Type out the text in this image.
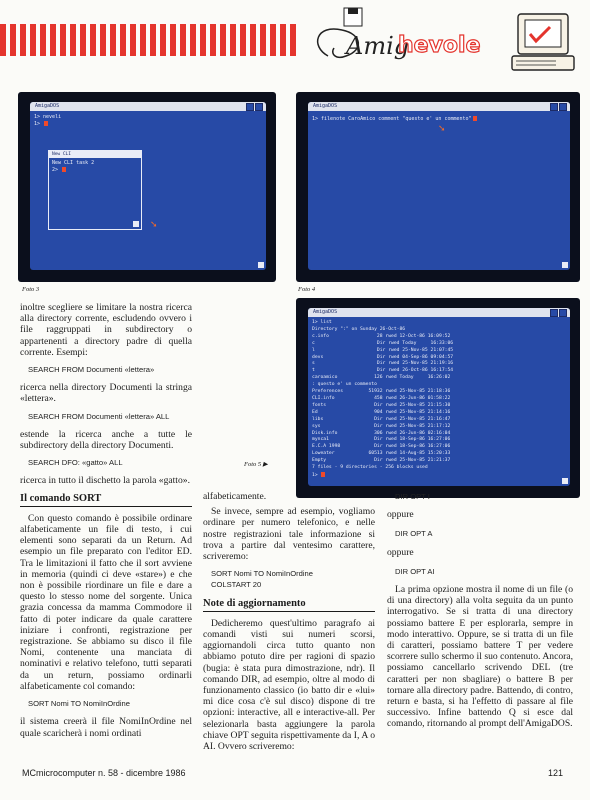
Amig
hevole
AmigaDOS
1> neveli
1>
New CLI
New CLI task 2
2>
➘
Foto 3
AmigaDOS
1> filenote CaroAmico comment "questo e' un commento"
➘
Foto 4
AmigaDOS
1> list
Directory ":" on Sunday 26-Oct-86
c.info                 28 rwed 12-Oct-86 16:09:52
c                      Dir rwed Today     16:33:06
l                      Dir rwed 25-Nov-85 21:07:45
devs                   Dir rwed 04-Sep-86 09:04:57
s                      Dir rwed 25-Nov-85 21:19:16
t                      Dir rwed 26-Oct-86 16:17:54
caroamico             126 rwed Today     16:26:02
: questo e' un commento
Preferences         51932 rwed 25-Nov-85 21:18:36
CLI.info              458 rwed 26-Jun-86 01:58:22
fonts                 Dir rwed 25-Nov-85 21:15:30
Ed                    904 rwed 25-Nov-85 21:14:16
libs                  Dir rwed 25-Nov-85 21:16:47
sys                   Dir rwed 25-Nov-85 21:17:12
Disk.info             306 rwed 26-Jun-86 02:16:04
mynca1                Dir rwed 18-Sep-86 16:27:06
E.C.A 1998            Dir rwed 18-Sep-86 16:27:06
Loweater            60513 rwed 14-Aug-85 15:20:33
Empty                 Dir rwed 25-Nov-85 21:21:37
7 files - 9 directories - 256 blocks used
1>
Foto 5 ▶

inoltre scegliere se limitare la nostra ricerca alla directory corrente, escludendo ovvero i file raggruppati in subdirectory o appartenenti a directory padre di quella corrente. Esempi:

SEARCH FROM Documenti «lettera»

ricerca nella directory Documenti la stringa «lettera».

SEARCH FROM Documenti «lettera» ALL

estende la ricerca anche a tutte le subdirectory della directory Documenti.

SEARCH DFO: «gatto» ALL

ricerca in tutto il dischetto la parola «gatto».

Il comando SORT

Con questo comando è possibile ordinare alfabeticamente un file di testo, i cui elementi sono separati da un Return. Ad esempio un file preparato con l'editor ED. Tra le limitazioni il fatto che il sort avviene in memoria (quindi ci deve «stare») e che non è possibile riordinare un file e dare a questo lo stesso nome del sorgente. Unica grazia concessa da mamma Commodore il fatto di poter indicare da quale carattere iniziare i confronti, registrazione per registrazione. Se abbiamo su disco il file Nomi, contenente una manciata di nominativi e relativo telefono, tutti separati da un return, possiamo ordinarli alfabeticamente col comando:

SORT Nomi TO NomiInOrdine

il sistema creerà il file NomiInOrdine nel quale scaricherà i nomi ordinati

alfabeticamente.

Se invece, sempre ad esempio, vogliamo ordinare per numero telefonico, e nelle nostre registrazioni tale informazione si trova a partire dal ventesimo carattere, scriveremo:

SORT Nomi TO NomiInOrdine
COLSTART 20
Note di aggiornamento

Dedicheremo quest'ultimo paragrafo ai comandi visti sui numeri scorsi, aggiornandoli circa tutto quanto non abbiamo potuto dire per ragioni di spazio (bugia: è stata pura dimostrazione, ndr). Il comando DIR, ad esempio, oltre al modo di funzionamento classico (io batto dir e «lui» mi dice cosa c'è sul disco) dispone di tre opzioni: interactive, all e interactive-all. Per selezionarla basta aggiungere la parola chiave OPT seguita rispettivamente da I, A o AI. Ovvero scriveremo:

DIR OPT I
oppure
DIR OPT A
oppure
DIR OPT AI

La prima opzione mostra il nome di un file (o di una directory) alla volta seguita da un punto interrogativo. Se si tratta di una directory possiamo battere E per esplorarla, sempre in modo interattivo. Oppure, se si tratta di un file di caratteri, possiamo battere T per vedere scorrere sullo schermo il suo contenuto. Ancora, possiamo cancellarlo scrivendo DEL (tre caratteri per non sbagliare) o battere B per tornare alla directory padre. Battendo, di contro, return e basta, si ha l'effetto di passare al file successivo. Infine battendo Q si esce dal comando, ritornando al prompt dell'AmigaDOS.

MCmicrocomputer n. 58 - dicembre 1986	121
